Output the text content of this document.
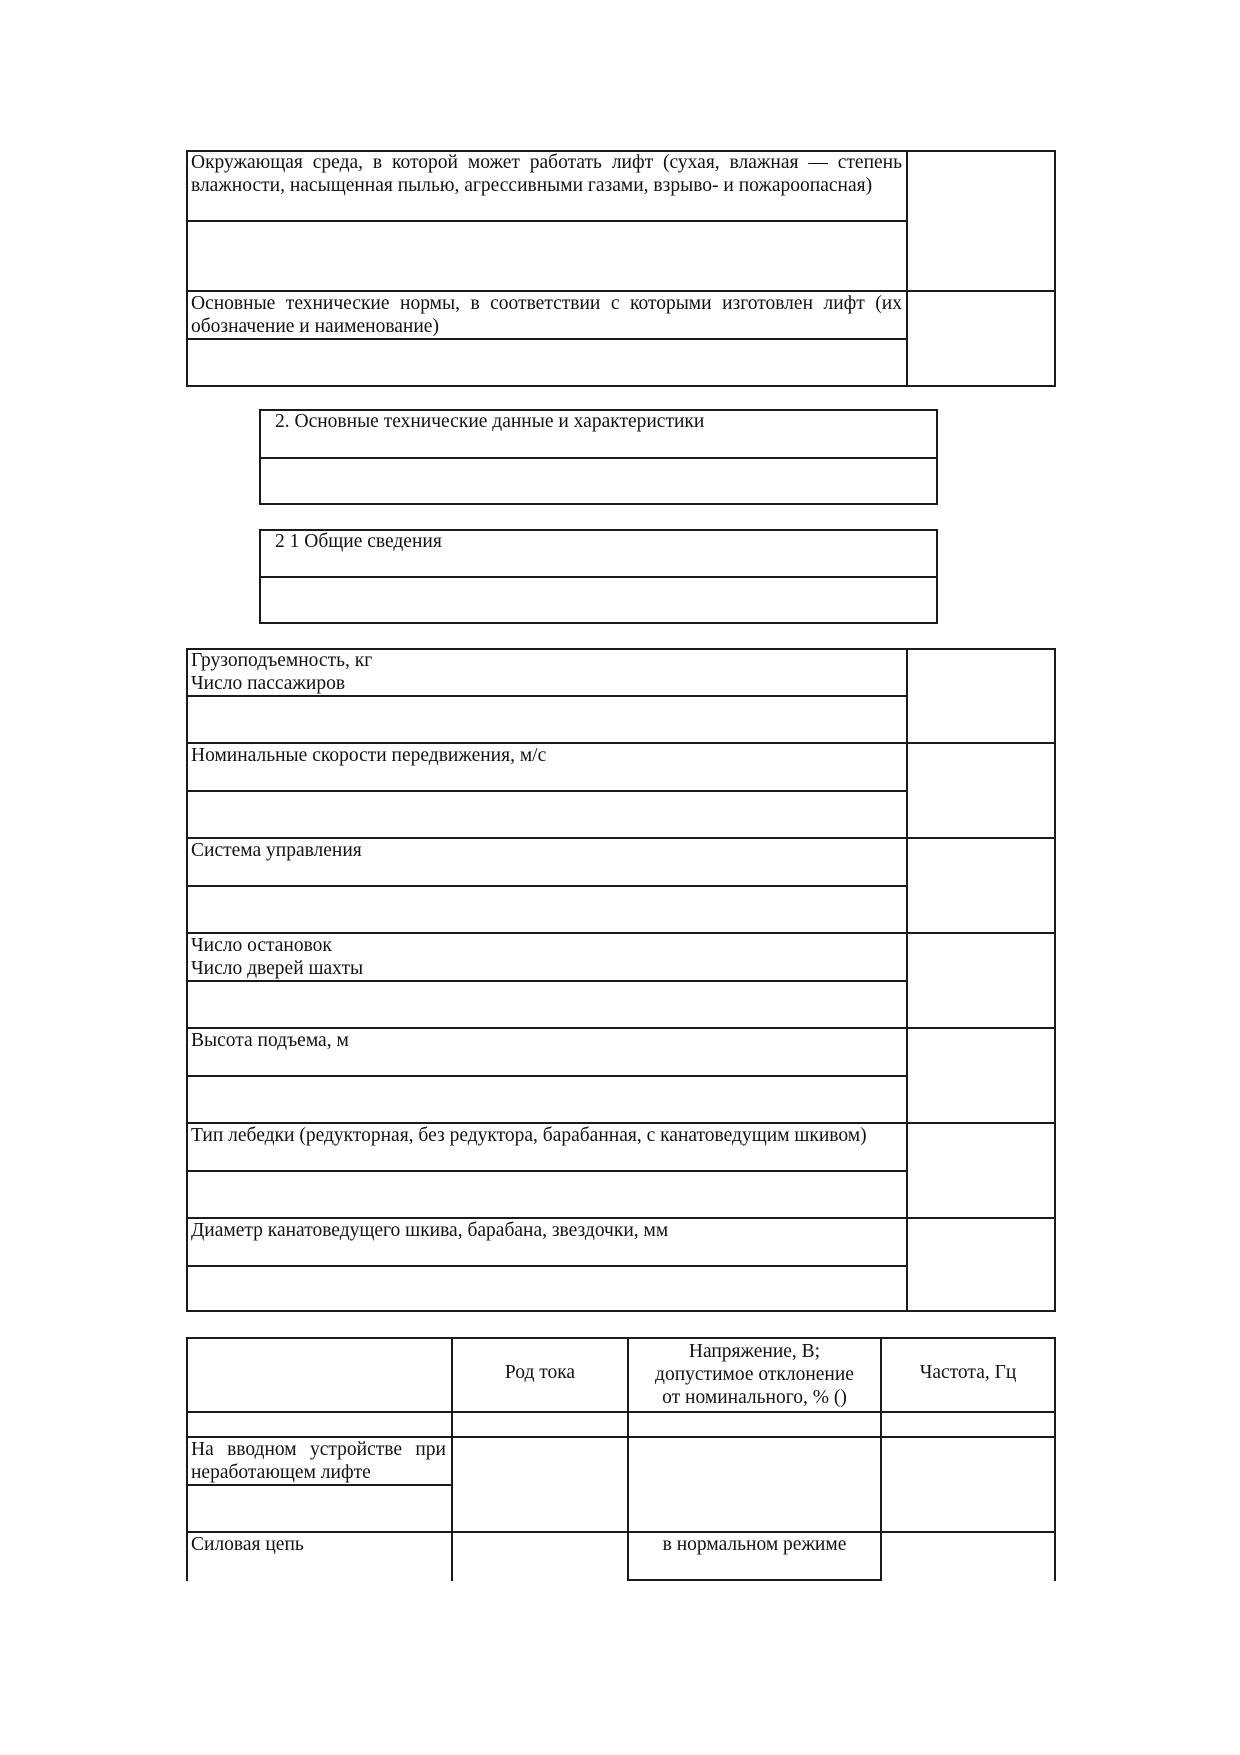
Окружающая среда, в которой может работать лифт (сухая, влажная — степень влажности, насыщенная пылью, агрессивными газами, взрыво- и пожароопасная)
Основные технические нормы, в соответствии с которыми изготовлен лифт (их обозначение и наименование)
2. Основные технические данные и характеристики
2 1 Общие сведения
Грузоподъемность, кг
Число пассажиров
Номинальные скорости передвижения, м/с
Система управления
Число остановок
Число дверей шахты
Высота подъема, м
Тип лебедки (редукторная, без редуктора, барабанная, с канатоведущим шкивом)
Диаметр канатоведущего шкива, барабана, звездочки, мм
Род тока
Напряжение, В;
допустимое отклонение
от номинального, % ()
Частота, Гц
На вводном устройстве при неработающем лифте
Силовая цепь	в нормальном режиме
